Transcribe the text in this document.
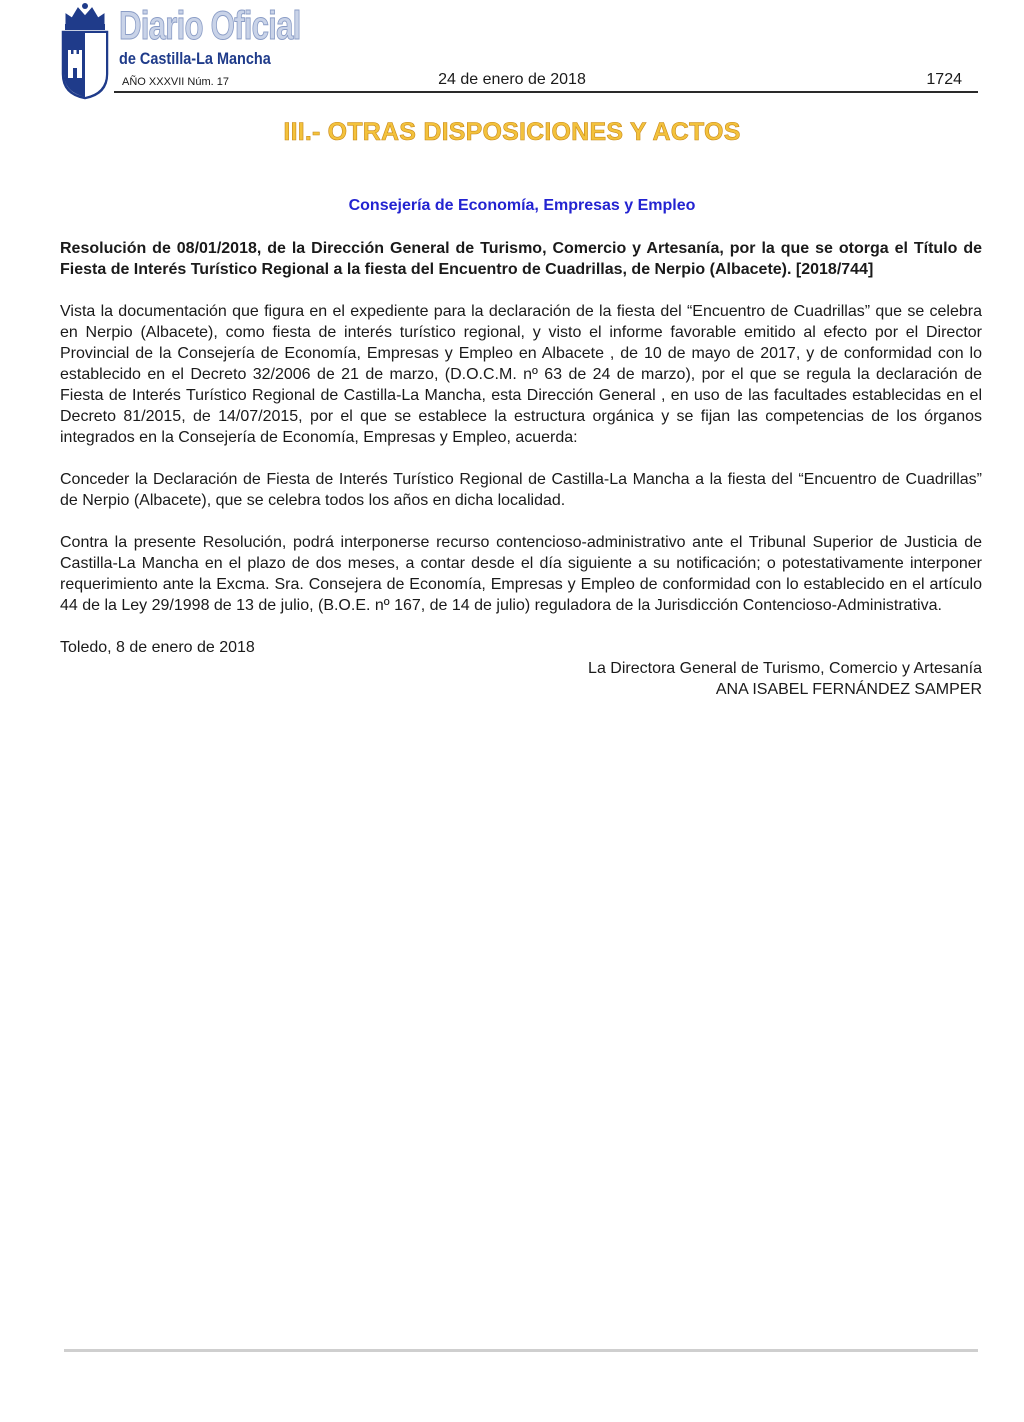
Diario Oficial
de Castilla-La Mancha
AÑO XXXVII Núm. 17	24 de enero de 2018	1724
III.- OTRAS DISPOSICIONES Y ACTOS
Consejería de Economía, Empresas y Empleo

Resolución de 08/01/2018, de la Dirección General de Turismo, Comercio y Artesanía, por la que se otorga el Título de Fiesta de Interés Turístico Regional a la fiesta del Encuentro de Cuadrillas, de Nerpio (Albacete). [2018/744]

Vista la documentación que figura en el expediente para la declaración de la fiesta del “Encuentro de Cuadrillas” que se celebra en Nerpio (Albacete), como fiesta de interés turístico regional, y visto el informe favorable emitido al efecto por el Director Provincial de la Consejería de Economía, Empresas y Empleo en Albacete , de 10 de mayo de 2017, y de conformidad con lo establecido en el Decreto 32/2006 de 21 de marzo, (D.O.C.M. nº 63 de 24 de marzo), por el que se regula la declaración de Fiesta de Interés Turístico Regional de Castilla-La Mancha, esta Dirección General , en uso de las facultades establecidas en el Decreto 81/2015, de 14/07/2015, por el que se establece la estructura orgánica y se fijan las competencias de los órganos integrados en la Consejería de Economía, Empresas y Empleo, acuerda:

Conceder la Declaración de Fiesta de Interés Turístico Regional de Castilla-La Mancha a la fiesta del “Encuentro de Cuadrillas” de Nerpio (Albacete), que se celebra todos los años en dicha localidad.

Contra la presente Resolución, podrá interponerse recurso contencioso-administrativo ante el Tribunal Superior de Justicia de Castilla-La Mancha en el plazo de dos meses, a contar desde el día siguiente a su notificación; o potestativamente interponer requerimiento ante la Excma. Sra. Consejera de Economía, Empresas y Empleo de conformidad con lo establecido en el artículo 44 de la Ley 29/1998 de 13 de julio, (B.O.E. nº 167, de 14 de julio) reguladora de la Jurisdicción Contencioso-Administrativa.

Toledo, 8 de enero de 2018

La Directora General de Turismo, Comercio y Artesanía

ANA ISABEL FERNÁNDEZ SAMPER
